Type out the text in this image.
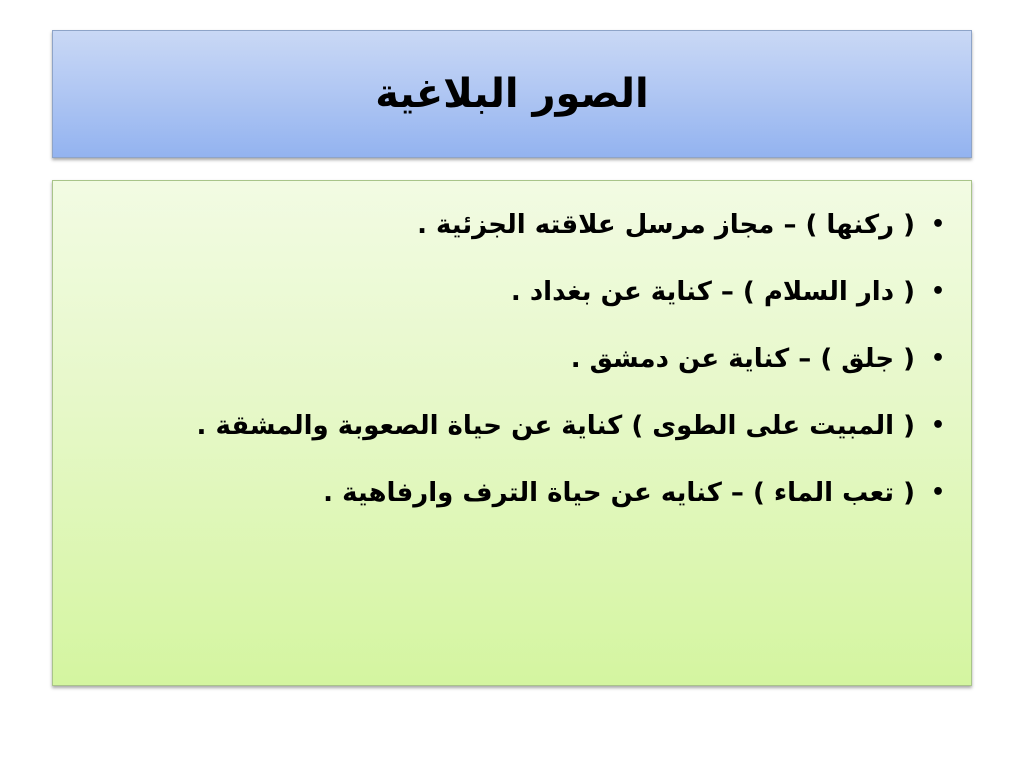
الصور البلاغية
•
( ركنها ) – مجاز مرسل علاقته الجزئية .
•
( دار السلام ) – كناية عن بغداد .
•
( جلق ) – كناية عن دمشق .
•
( المبيت على الطوى ) كناية عن حياة الصعوبة والمشقة .
•
( تعب الماء ) – كنايه عن حياة الترف وارفاهية .
